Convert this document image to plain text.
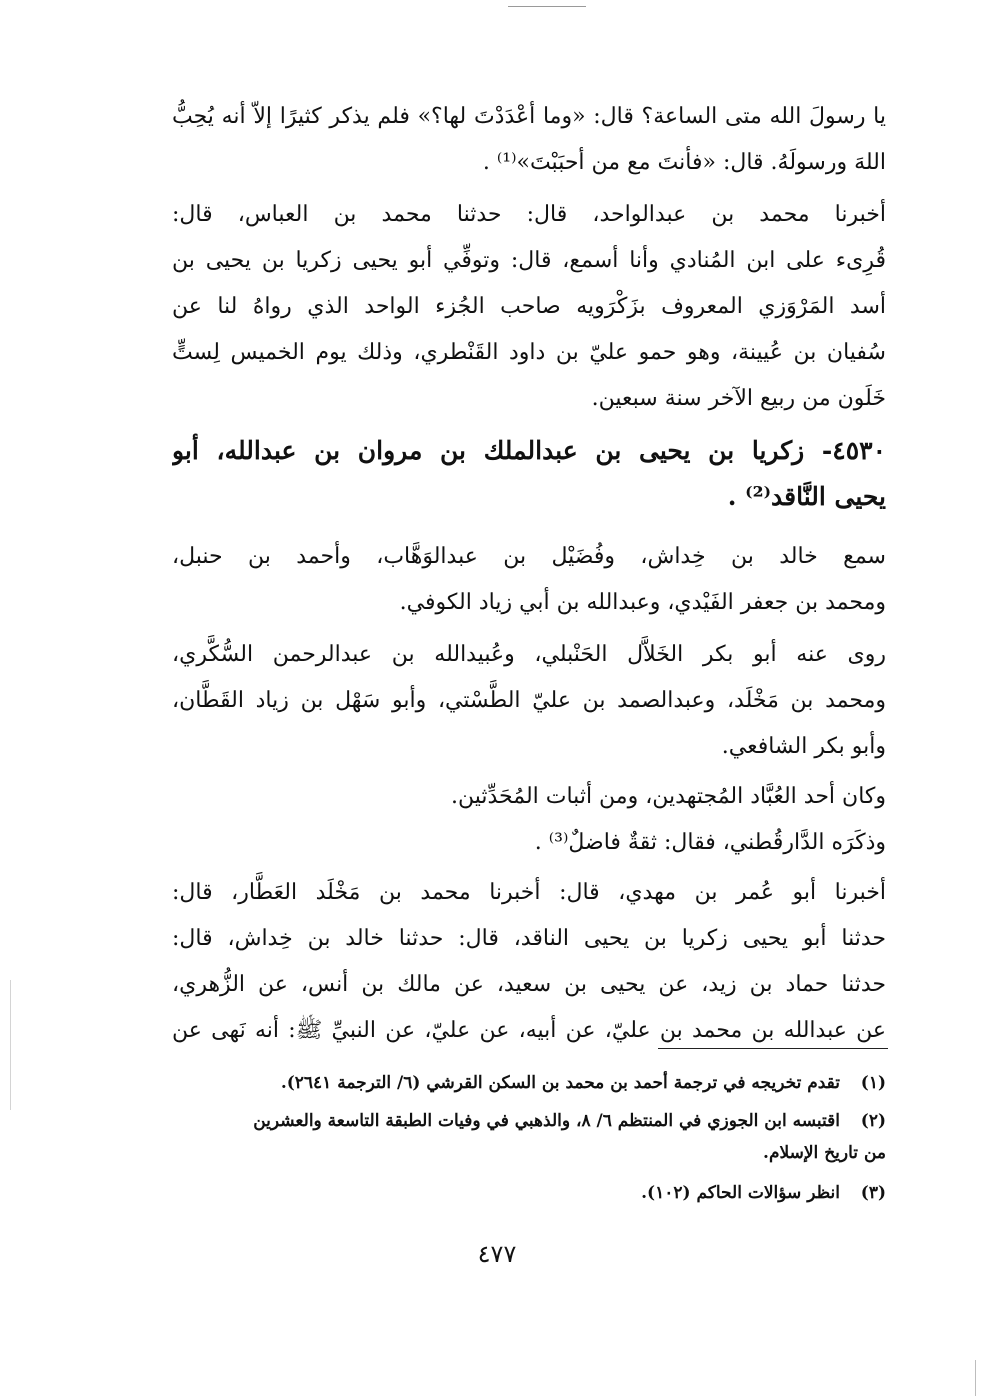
يا رسولَ الله متى الساعة؟ قال: «وما أعْدَدْتَ لها؟» فلم يذكر كثيرًا إلاّ أنه يُحِبُّ
اللهَ ورسولَهُ. قال: «فأنتَ مع من أحبَبْتَ»⁽¹⁾ .
أخبرنا محمد بن عبدالواحد، قال: حدثنا محمد بن العباس، قال:
قُرِىء على ابن المُنادي وأنا أسمع، قال: وتوفِّي أبو يحيى زكريا بن يحيى بن
أسد المَرْوَزي المعروف بزَكْرَويه صاحب الجُزء الواحد الذي رواهُ لنا عن
سُفيان بن عُيينة، وهو حمو عليّ بن داود القَنْطري، وذلك يوم الخميس لِستٍّ
خَلَون من ربيع الآخر سنة سبعين.
٤٥٣٠- زكريا بن يحيى بن عبدالملك بن مروان بن عبدالله، أبو
يحيى النَّاقد⁽²⁾ .
سمع خالد بن خِداش، وفُضَيْل بن عبدالوَهَّاب، وأحمد بن حنبل،
ومحمد بن جعفر الفَيْدي، وعبدالله بن أبي زياد الكوفي.
روى عنه أبو بكر الخَلاَّل الحَنْبلي، وعُبيدالله بن عبدالرحمن السُّكَّري،
ومحمد بن مَخْلَد، وعبدالصمد بن عليّ الطَّسْتي، وأبو سَهْل بن زياد القَطَّان،
وأبو بكر الشافعي.
وكان أحد العُبَّاد المُجتهدين، ومن أثبات المُحَدِّثين.
وذكَرَه الدَّارقُطني، فقال: ثقةٌ فاضلٌ⁽³⁾ .
أخبرنا أبو عُمر بن مهدي، قال: أخبرنا محمد بن مَخْلَد العَطَّار، قال:
حدثنا أبو يحيى زكريا بن يحيى الناقد، قال: حدثنا خالد بن خِداش، قال:
حدثنا حماد بن زيد، عن يحيى بن سعيد، عن مالك بن أنس، عن الزُّهري،
عن عبدالله بن محمد بن عليّ، عن أبيه، عن عليّ، عن النبيِّ ﷺ: أنه نَهى عن
(١)تقدم تخريجه في ترجمة أحمد بن محمد بن السكن القرشي (٦/ الترجمة ٢٦٤١).
(٢)اقتبسه ابن الجوزي في المنتظم ٦/ ٨، والذهبي في وفيات الطبقة التاسعة والعشرين
من تاريخ الإسلام.
(٣)انظر سؤالات الحاكم (١٠٢).
٤٧٧
